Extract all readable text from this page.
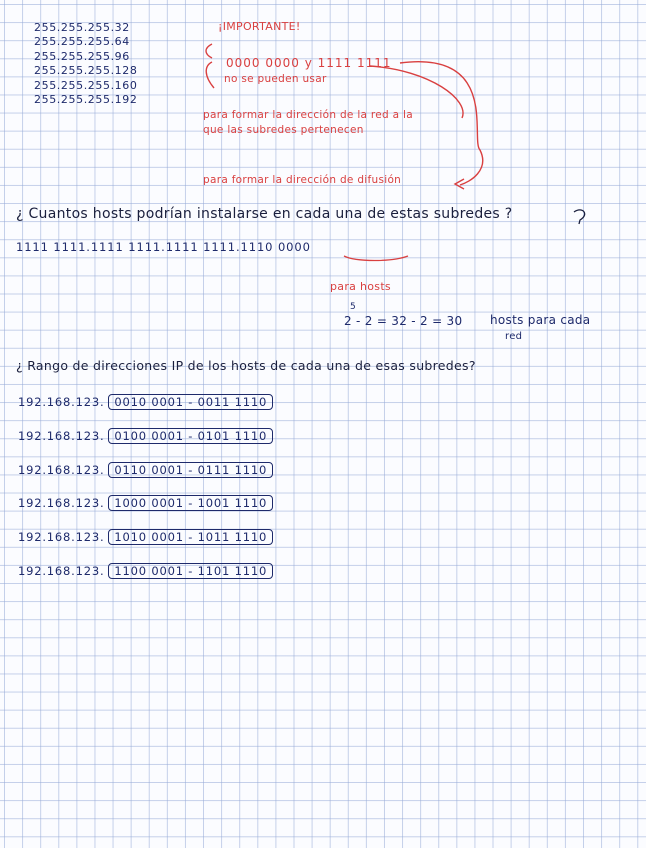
255.255.255.32
255.255.255.64
255.255.255.96
255.255.255.128
255.255.255.160
255.255.255.192
¡IMPORTANTE!
0000 0000 y 1111 1111
no se pueden usar
para formar la dirección de la red a la
que las subredes pertenecen
para formar la dirección de difusión
¿ Cuantos hosts podrían instalarse en cada una de estas subredes ?
1111 1111.1111 1111.1111 1111.1110 0000
para hosts
5
2 - 2 = 32 - 2 = 30 hosts para cada
red
¿ Rango de direcciones IP de los hosts de cada una de esas subredes?
192.168.123. 0010 0001 - 0011 1110
192.168.123. 0100 0001 - 0101 1110
192.168.123. 0110 0001 - 0111 1110
192.168.123. 1000 0001 - 1001 1110
192.168.123. 1010 0001 - 1011 1110
192.168.123. 1100 0001 - 1101 1110
